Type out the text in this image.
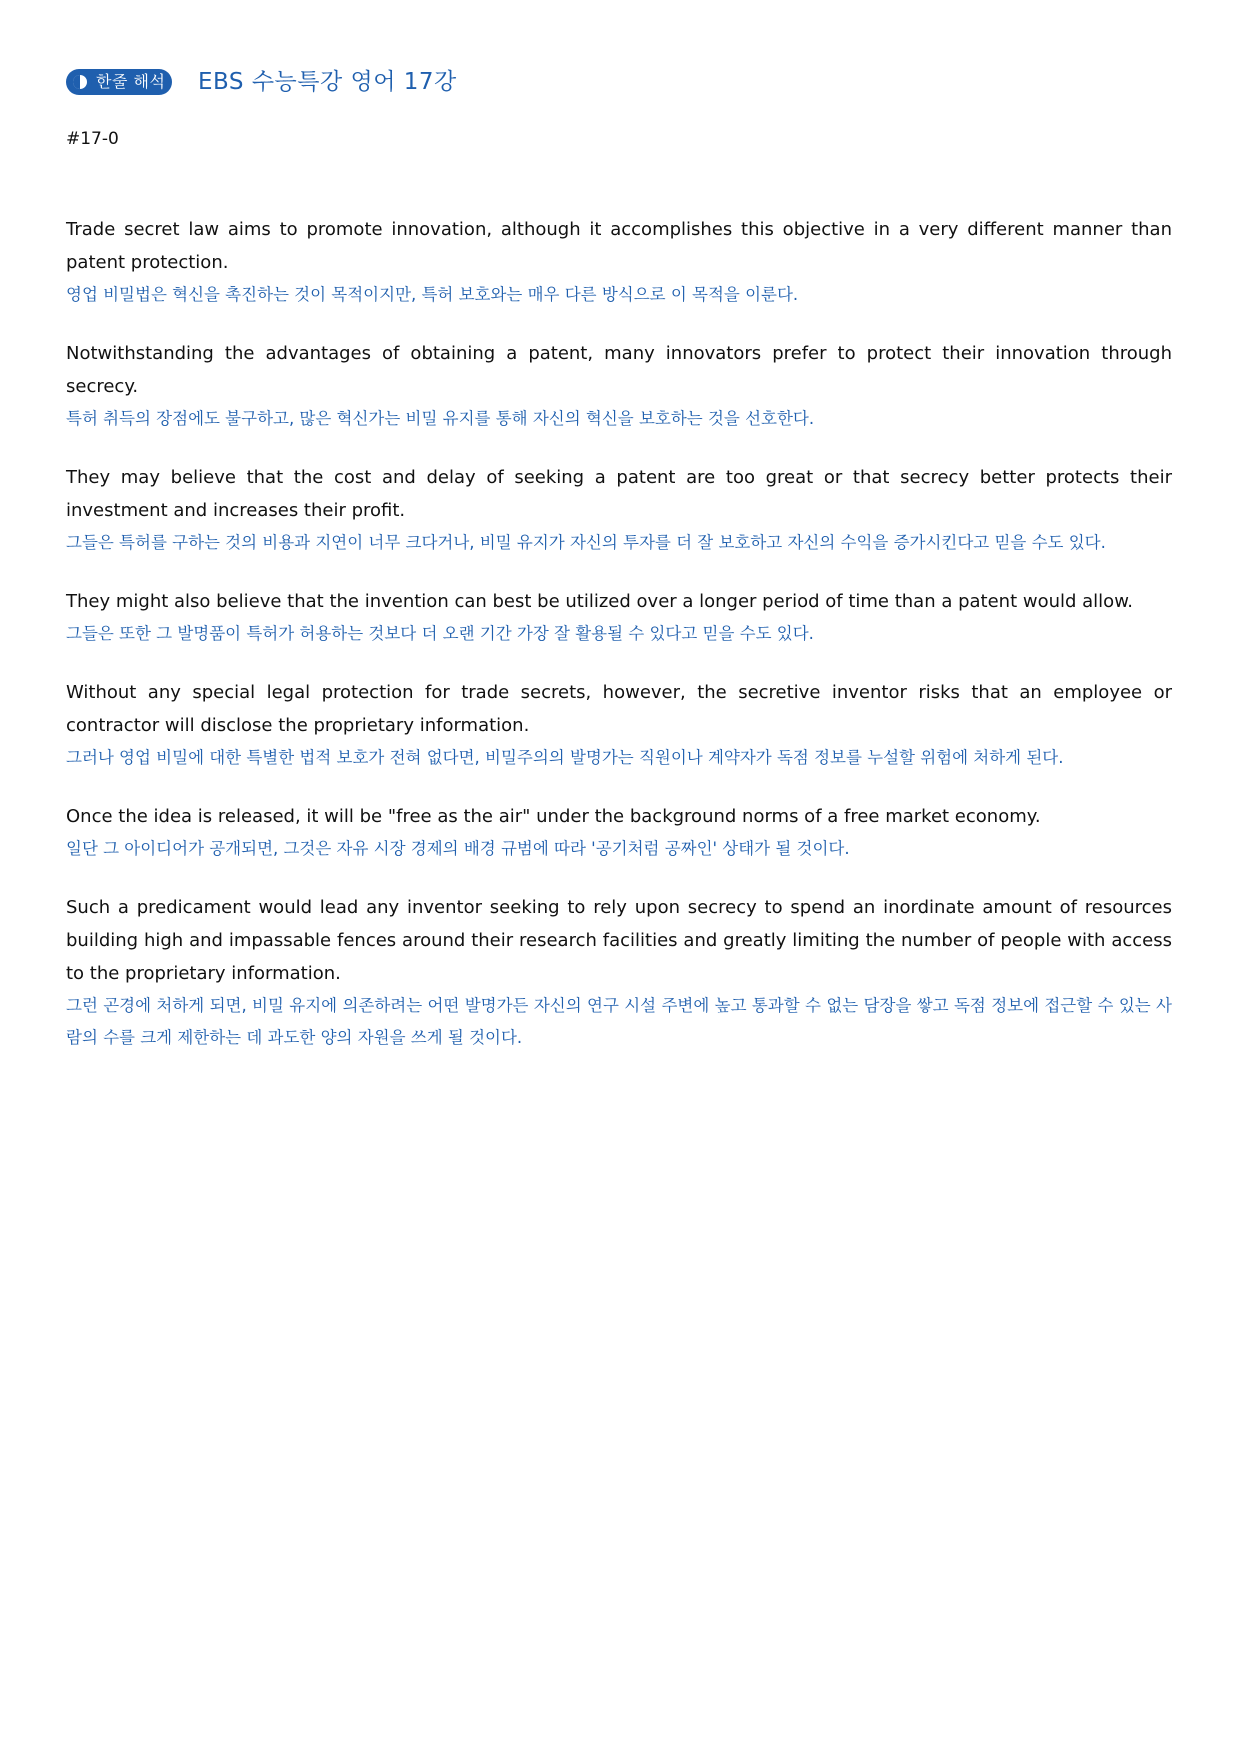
한줄 해석 EBS 수능특강 영어 17강
#17-0

Trade secret law aims to promote innovation, although it accomplishes this objective in a very different manner than patent protection.

영업 비밀법은 혁신을 촉진하는 것이 목적이지만, 특허 보호와는 매우 다른 방식으로 이 목적을 이룬다.

Notwithstanding the advantages of obtaining a patent, many innovators prefer to protect their innovation through secrecy.

특허 취득의 장점에도 불구하고, 많은 혁신가는 비밀 유지를 통해 자신의 혁신을 보호하는 것을 선호한다.

They may believe that the cost and delay of seeking a patent are too great or that secrecy better protects their investment and increases their profit.

그들은 특허를 구하는 것의 비용과 지연이 너무 크다거나, 비밀 유지가 자신의 투자를 더 잘 보호하고 자신의 수익을 증가시킨다고 믿을 수도 있다.

They might also believe that the invention can best be utilized over a longer period of time than a patent would allow.

그들은 또한 그 발명품이 특허가 허용하는 것보다 더 오랜 기간 가장 잘 활용될 수 있다고 믿을 수도 있다.

Without any special legal protection for trade secrets, however, the secretive inventor risks that an employee or contractor will disclose the proprietary information.

그러나 영업 비밀에 대한 특별한 법적 보호가 전혀 없다면, 비밀주의의 발명가는 직원이나 계약자가 독점 정보를 누설할 위험에 처하게 된다.

Once the idea is released, it will be "free as the air" under the background norms of a free market economy.

일단 그 아이디어가 공개되면, 그것은 자유 시장 경제의 배경 규범에 따라 '공기처럼 공짜인' 상태가 될 것이다.

Such a predicament would lead any inventor seeking to rely upon secrecy to spend an inordinate amount of resources building high and impassable fences around their research facilities and greatly limiting the number of people with access to the proprietary information.

그런 곤경에 처하게 되면, 비밀 유지에 의존하려는 어떤 발명가든 자신의 연구 시설 주변에 높고 통과할 수 없는 담장을 쌓고 독점 정보에 접근할 수 있는 사람의 수를 크게 제한하는 데 과도한 양의 자원을 쓰게 될 것이다.
